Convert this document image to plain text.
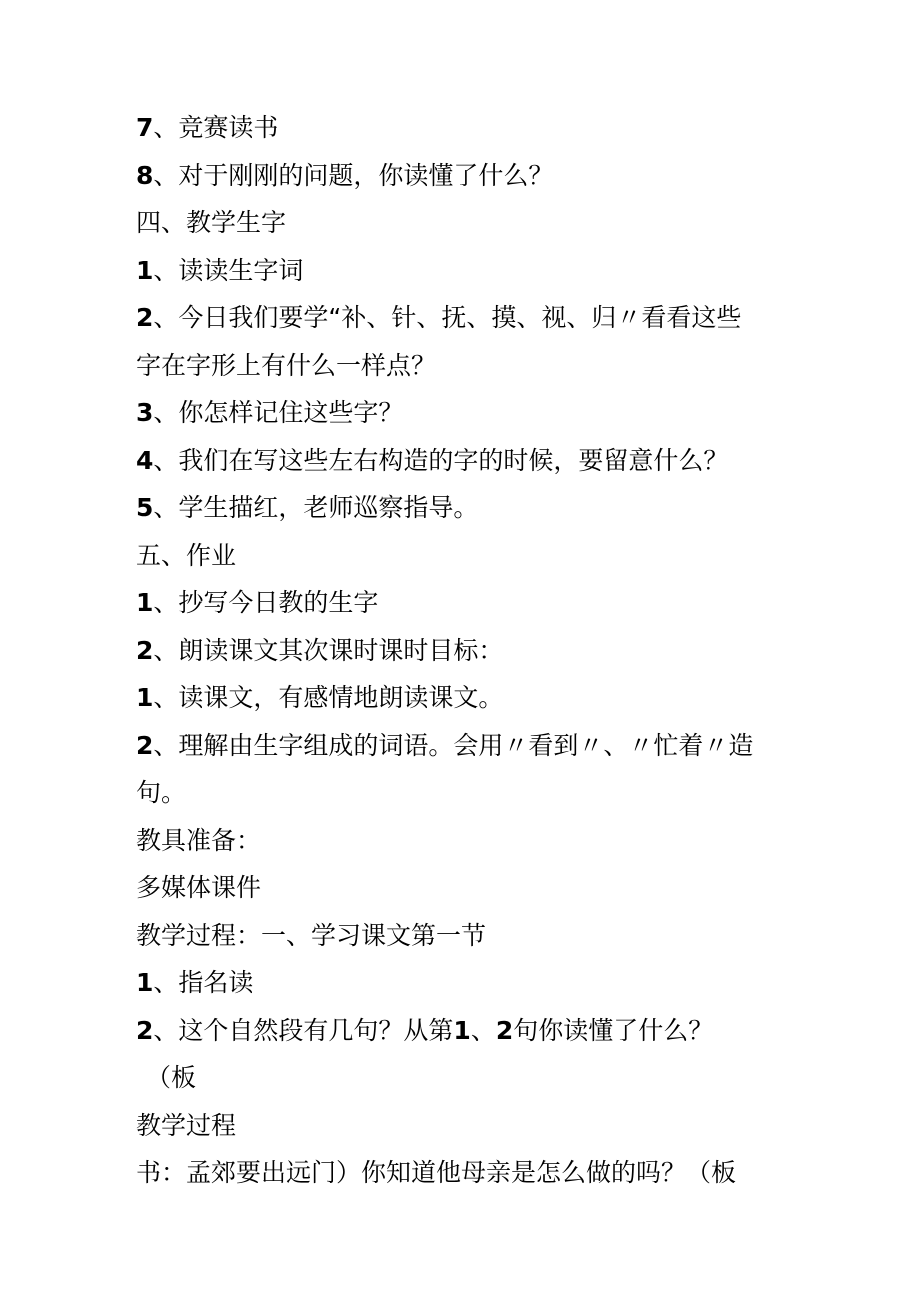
7、竞赛读书
8、对于刚刚的问题，你读懂了什么？
四、教学生字
1、读读生字词
2、今日我们要学“补、针、抚、摸、视、归〃看看这些
字在字形上有什么一样点？
3、你怎样记住这些字？
4、我们在写这些左右构造的字的时候，要留意什么？
5、学生描红，老师巡察指导。
五、作业
1、抄写今日教的生字
2、朗读课文其次课时课时目标：
1、读课文，有感情地朗读课文。
2、理解由生字组成的词语。会用〃看到〃、〃忙着〃造
句。
教具准备：
多媒体课件
教学过程：一、学习课文第一节
1、指名读
2、这个自然段有几句？从第1、2句你读懂了什么？
（板
教学过程
书：孟郊要出远门）你知道他母亲是怎么做的吗？（板
